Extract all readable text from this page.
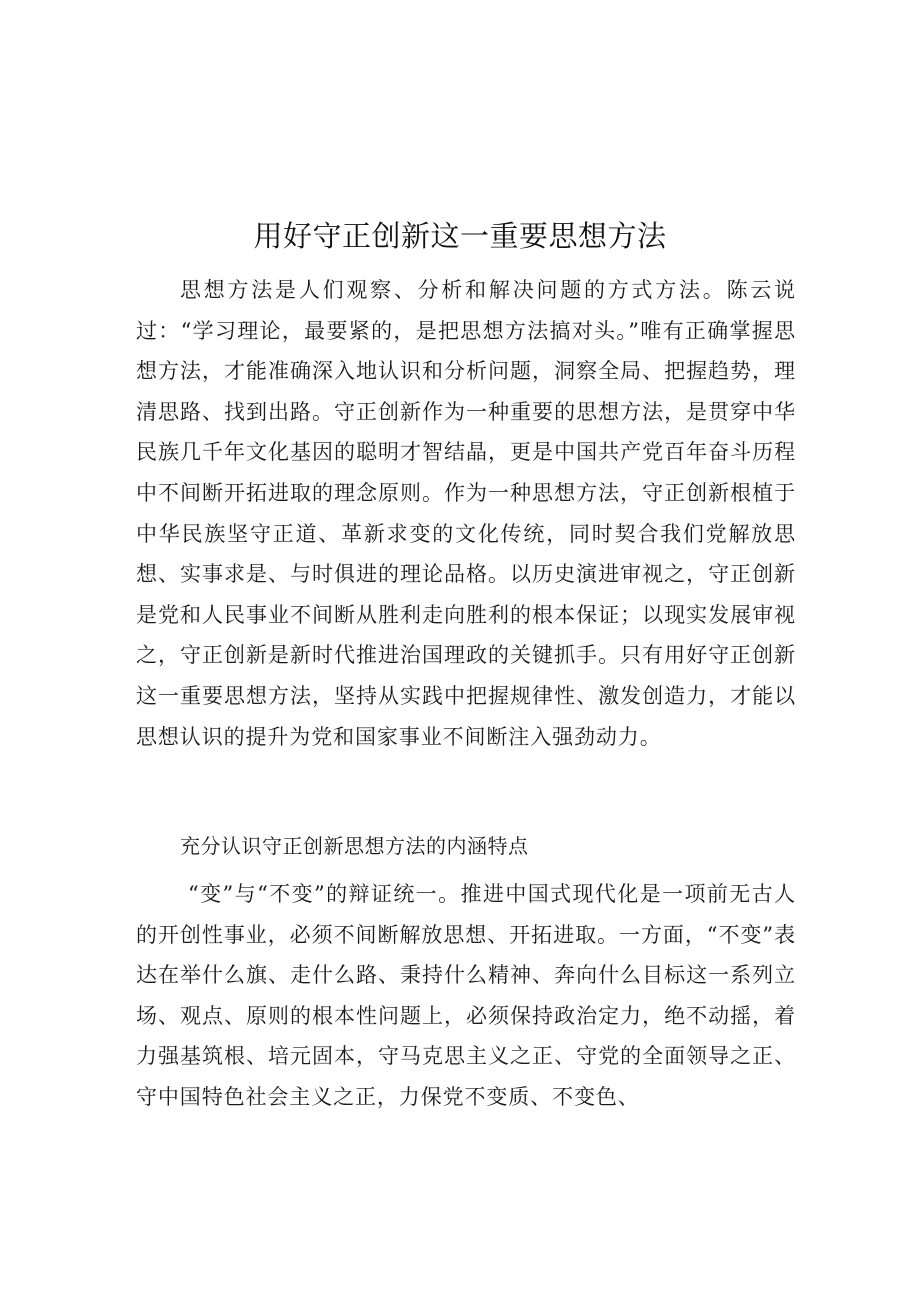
用好守正创新这一重要思想方法

思想方法是人们观察、分析和解决问题的方式方法。陈云说过：“学习理论，最要紧的，是把思想方法搞对头。”唯有正确掌握思想方法，才能准确深入地认识和分析问题，洞察全局、把握趋势，理清思路、找到出路。守正创新作为一种重要的思想方法，是贯穿中华民族几千年文化基因的聪明才智结晶，更是中国共产党百年奋斗历程中不间断开拓进取的理念原则。作为一种思想方法，守正创新根植于中华民族坚守正道、革新求变的文化传统，同时契合我们党解放思想、实事求是、与时俱进的理论品格。以历史演进审视之，守正创新是党和人民事业不间断从胜利走向胜利的根本保证；以现实发展审视之，守正创新是新时代推进治国理政的关键抓手。只有用好守正创新这一重要思想方法，坚持从实践中把握规律性、激发创造力，才能以思想认识的提升为党和国家事业不间断注入强劲动力。

充分认识守正创新思想方法的内涵特点

“变”与“不变”的辩证统一。推进中国式现代化是一项前无古人的开创性事业，必须不间断解放思想、开拓进取。一方面，“不变”表达在举什么旗、走什么路、秉持什么精神、奔向什么目标这一系列立场、观点、原则的根本性问题上，必须保持政治定力，绝不动摇，着力强基筑根、培元固本，守马克思主义之正、守党的全面领导之正、守中国特色社会主义之正，力保党不变质、不变色、
